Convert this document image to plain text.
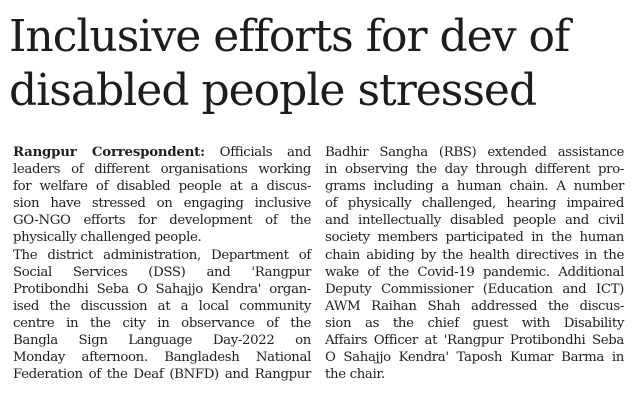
Inclusive efforts for dev of
disabled people stressed
Rangpur Correspondent: Officials and
leaders of different organisations working
for welfare of disabled people at a discus-
sion have stressed on engaging inclusive
GO-NGO efforts for development of the
physically challenged people.
The district administration, Department of
Social Services (DSS) and 'Rangpur
Protibondhi Seba O Sahajjo Kendra' organ-
ised the discussion at a local community
centre in the city in observance of the
Bangla Sign Language Day-2022 on
Monday afternoon. Bangladesh National
Federation of the Deaf (BNFD) and Rangpur
Badhir Sangha (RBS) extended assistance
in observing the day through different pro-
grams including a human chain. A number
of physically challenged, hearing impaired
and intellectually disabled people and civil
society members participated in the human
chain abiding by the health directives in the
wake of the Covid-19 pandemic. Additional
Deputy Commissioner (Education and ICT)
AWM Raihan Shah addressed the discus-
sion as the chief guest with Disability
Affairs Officer at 'Rangpur Protibondhi Seba
O Sahajjo Kendra' Taposh Kumar Barma in
the chair.
